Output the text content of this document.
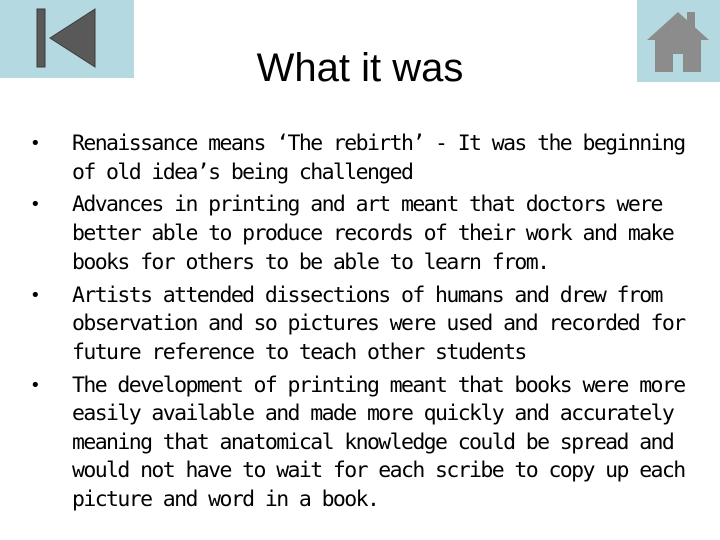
What it was
• Renaissance means ‘The rebirth’ - It was the beginning of old idea’s being challenged
• Advances in printing and art meant that doctors were better able to produce records of their work and make books for others to be able to learn from.
• Artists attended dissections of humans and drew from observation and so pictures were used and recorded for future reference to teach other students
• The development of printing meant that books were more easily available and made more quickly and accurately meaning that anatomical knowledge could be spread and would not have to wait for each scribe to copy up each picture and word in a book.
